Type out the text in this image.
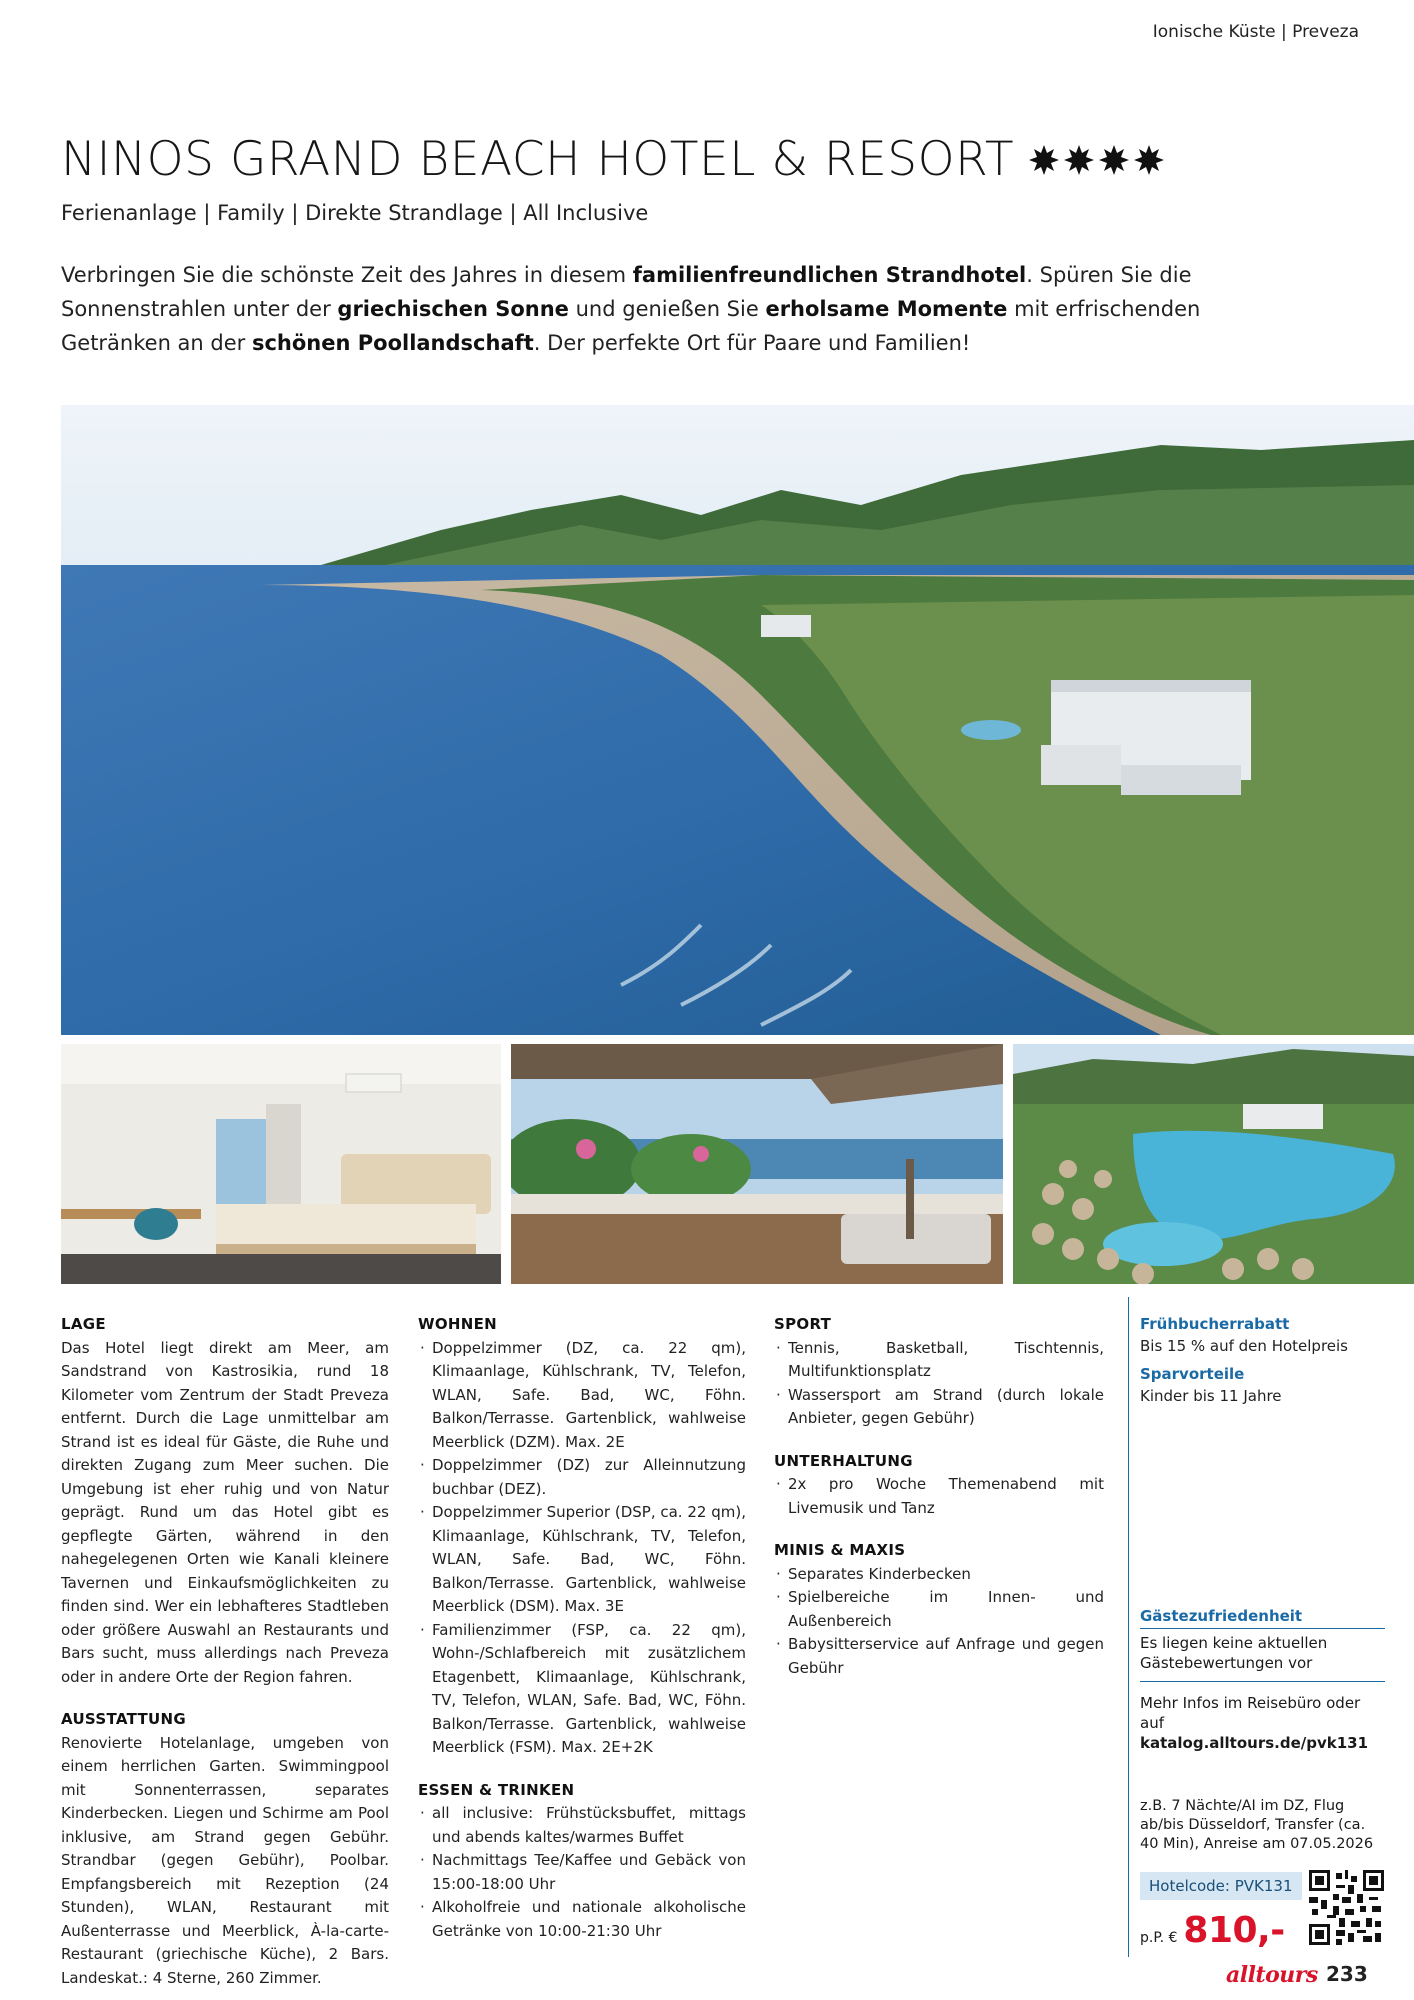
Ionische Küste | Preveza
NINOS GRAND BEACH HOTEL & RESORT
Ferienanlage | Family | Direkte Strandlage | All Inclusive
Verbringen Sie die schönste Zeit des Jahres in diesem familienfreundlichen Strandhotel. Spüren Sie die Sonnenstrahlen unter der griechischen Sonne und genießen Sie erholsame Momente mit erfrischenden Getränken an der schönen Poollandschaft. Der perfekte Ort für Paare und Familien!
LAGE

Das Hotel liegt direkt am Meer, am Sandstrand von Kastrosikia, rund 18 Kilometer vom Zentrum der Stadt Preveza entfernt. Durch die Lage unmittelbar am Strand ist es ideal für Gäste, die Ruhe und direkten Zugang zum Meer suchen. Die Umgebung ist eher ruhig und von Natur geprägt. Rund um das Hotel gibt es gepflegte Gärten, während in den nahegelegenen Orten wie Kanali kleinere Tavernen und Einkaufsmöglichkeiten zu finden sind. Wer ein lebhafteres Stadtleben oder größere Auswahl an Restaurants und Bars sucht, muss allerdings nach Preveza oder in andere Orte der Region fahren.

AUSSTATTUNG

Renovierte Hotelanlage, umgeben von einem herrlichen Garten. Swimmingpool mit Sonnenterrassen, separates Kinderbecken. Liegen und Schirme am Pool inklusive, am Strand gegen Gebühr. Strandbar (gegen Gebühr), Poolbar. Empfangsbereich mit Rezeption (24 Stunden), WLAN, Restaurant mit Außenterrasse und Meerblick, À-la-carte-Restaurant (griechische Küche), 2 Bars. Landeskat.: 4 Sterne, 260 Zimmer.

WOHNEN
· Doppelzimmer (DZ, ca. 22 qm), Klimaanlage, Kühlschrank, TV, Telefon, WLAN, Safe. Bad, WC, Föhn. Balkon/Terrasse. Gartenblick, wahlweise Meerblick (DZM). Max. 2E
· Doppelzimmer (DZ) zur Alleinnutzung buchbar (DEZ).
· Doppelzimmer Superior (DSP, ca. 22 qm), Klimaanlage, Kühlschrank, TV, Telefon, WLAN, Safe. Bad, WC, Föhn. Balkon/Terrasse. Gartenblick, wahlweise Meerblick (DSM). Max. 3E
· Familienzimmer (FSP, ca. 22 qm), Wohn-/Schlafbereich mit zusätzlichem Etagenbett, Klimaanlage, Kühlschrank, TV, Telefon, WLAN, Safe. Bad, WC, Föhn. Balkon/Terrasse. Gartenblick, wahlweise Meerblick (FSM). Max. 2E+2K
ESSEN & TRINKEN
· all inclusive: Frühstücksbuffet, mittags und abends kaltes/warmes Buffet
· Nachmittags Tee/Kaffee und Gebäck von 15:00-18:00 Uhr
· Alkoholfreie und nationale alkoholische Getränke von 10:00-21:30 Uhr
SPORT
· Tennis, Basketball, Tischtennis, Multifunktionsplatz
· Wassersport am Strand (durch lokale Anbieter, gegen Gebühr)
UNTERHALTUNG
· 2x pro Woche Themenabend mit Livemusik und Tanz
MINIS & MAXIS
· Separates Kinderbecken
· Spielbereiche im Innen- und Außenbereich
· Babysitterservice auf Anfrage und gegen Gebühr
Frühbucherrabatt
Bis 15 % auf den Hotelpreis
Sparvorteile
Kinder bis 11 Jahre
Gästezufriedenheit
Es liegen keine aktuellen Gästebewertungen vor
Mehr Infos im Reisebüro oder auf
katalog.alltours.de/pvk131
z.B. 7 Nächte/AI im DZ, Flug ab/bis Düsseldorf, Transfer (ca. 40 Min), Anreise am 07.05.2026
Hotelcode: PVK131
p.P. € 810,-
alltours 233
